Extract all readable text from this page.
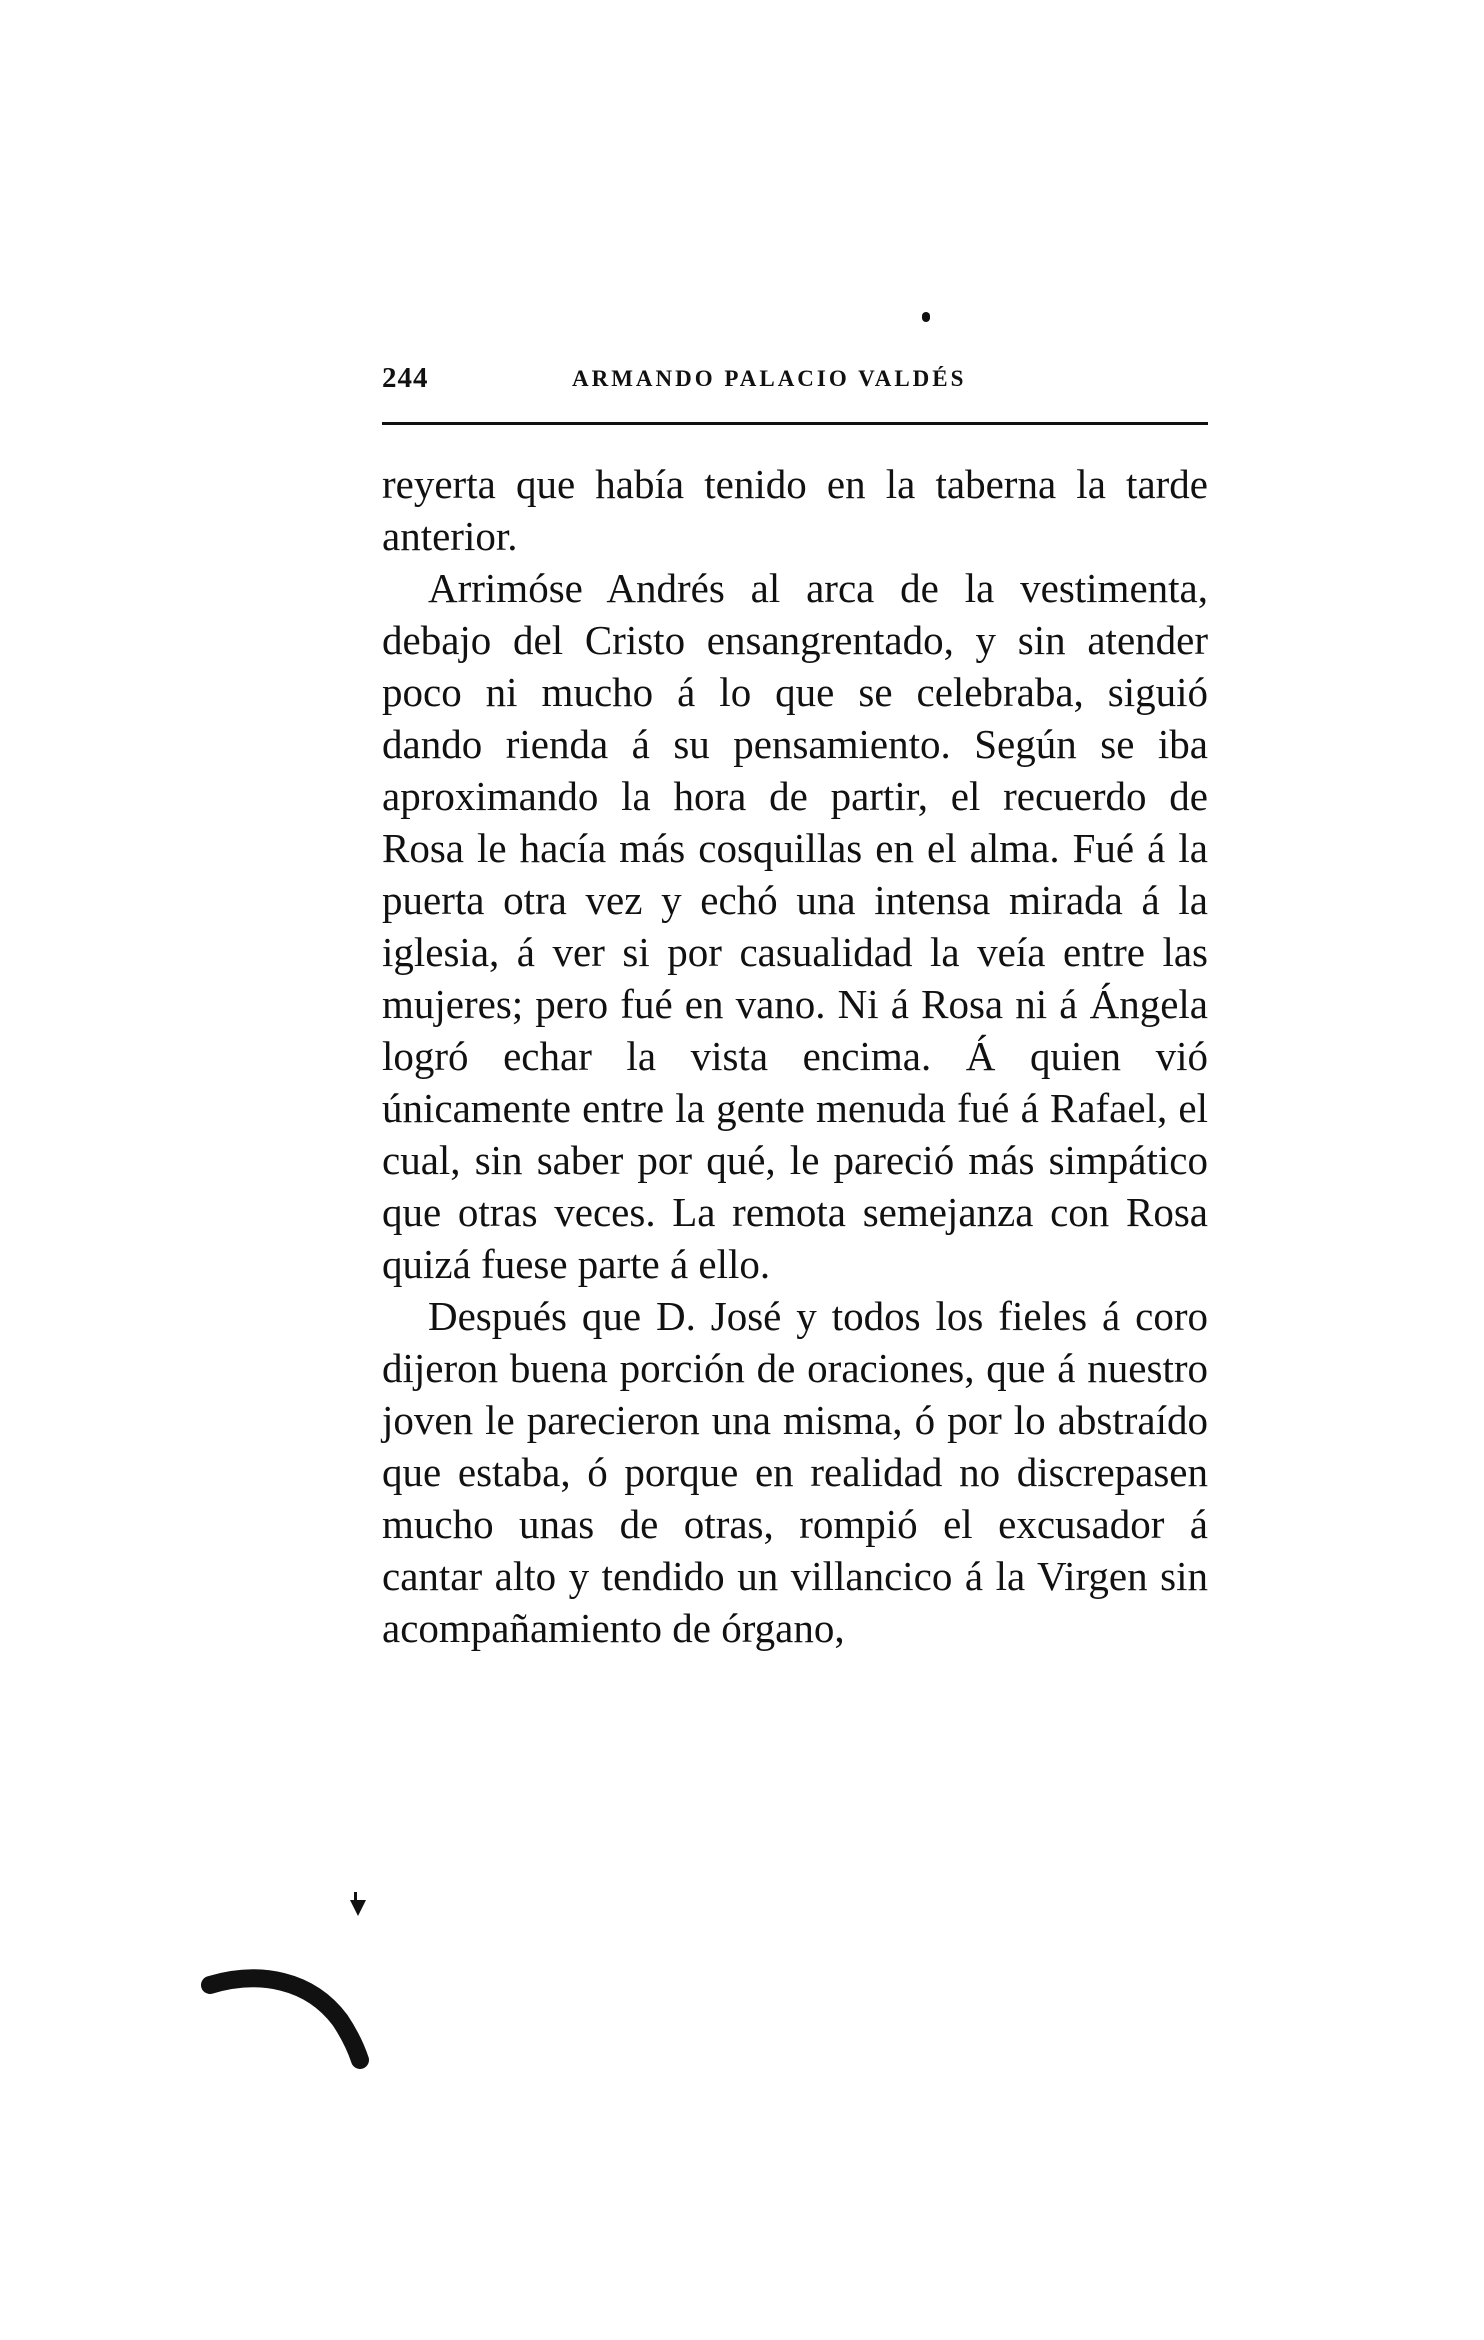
244	ARMANDO PALACIO VALDÉS

reyerta que había tenido en la taberna la tarde anterior.

Arrimóse Andrés al arca de la vestimenta, debajo del Cristo ensangrentado, y sin atender poco ni mucho á lo que se celebraba, siguió dando rienda á su pensamiento. Según se iba aproximando la hora de partir, el recuerdo de Rosa le hacía más cosquillas en el alma. Fué á la puerta otra vez y echó una intensa mirada á la iglesia, á ver si por casualidad la veía entre las mujeres; pero fué en vano. Ni á Rosa ni á Ángela logró echar la vista encima. Á quien vió únicamente entre la gente menuda fué á Rafael, el cual, sin saber por qué, le pareció más simpático que otras veces. La remota semejanza con Rosa quizá fuese parte á ello.

Después que D. José y todos los fieles á coro dijeron buena porción de oraciones, que á nuestro joven le parecieron una misma, ó por lo abstraído que estaba, ó porque en realidad no discrepasen mucho unas de otras, rompió el excusador á cantar alto y tendido un villancico á la Virgen sin acompañamiento de órgano,
